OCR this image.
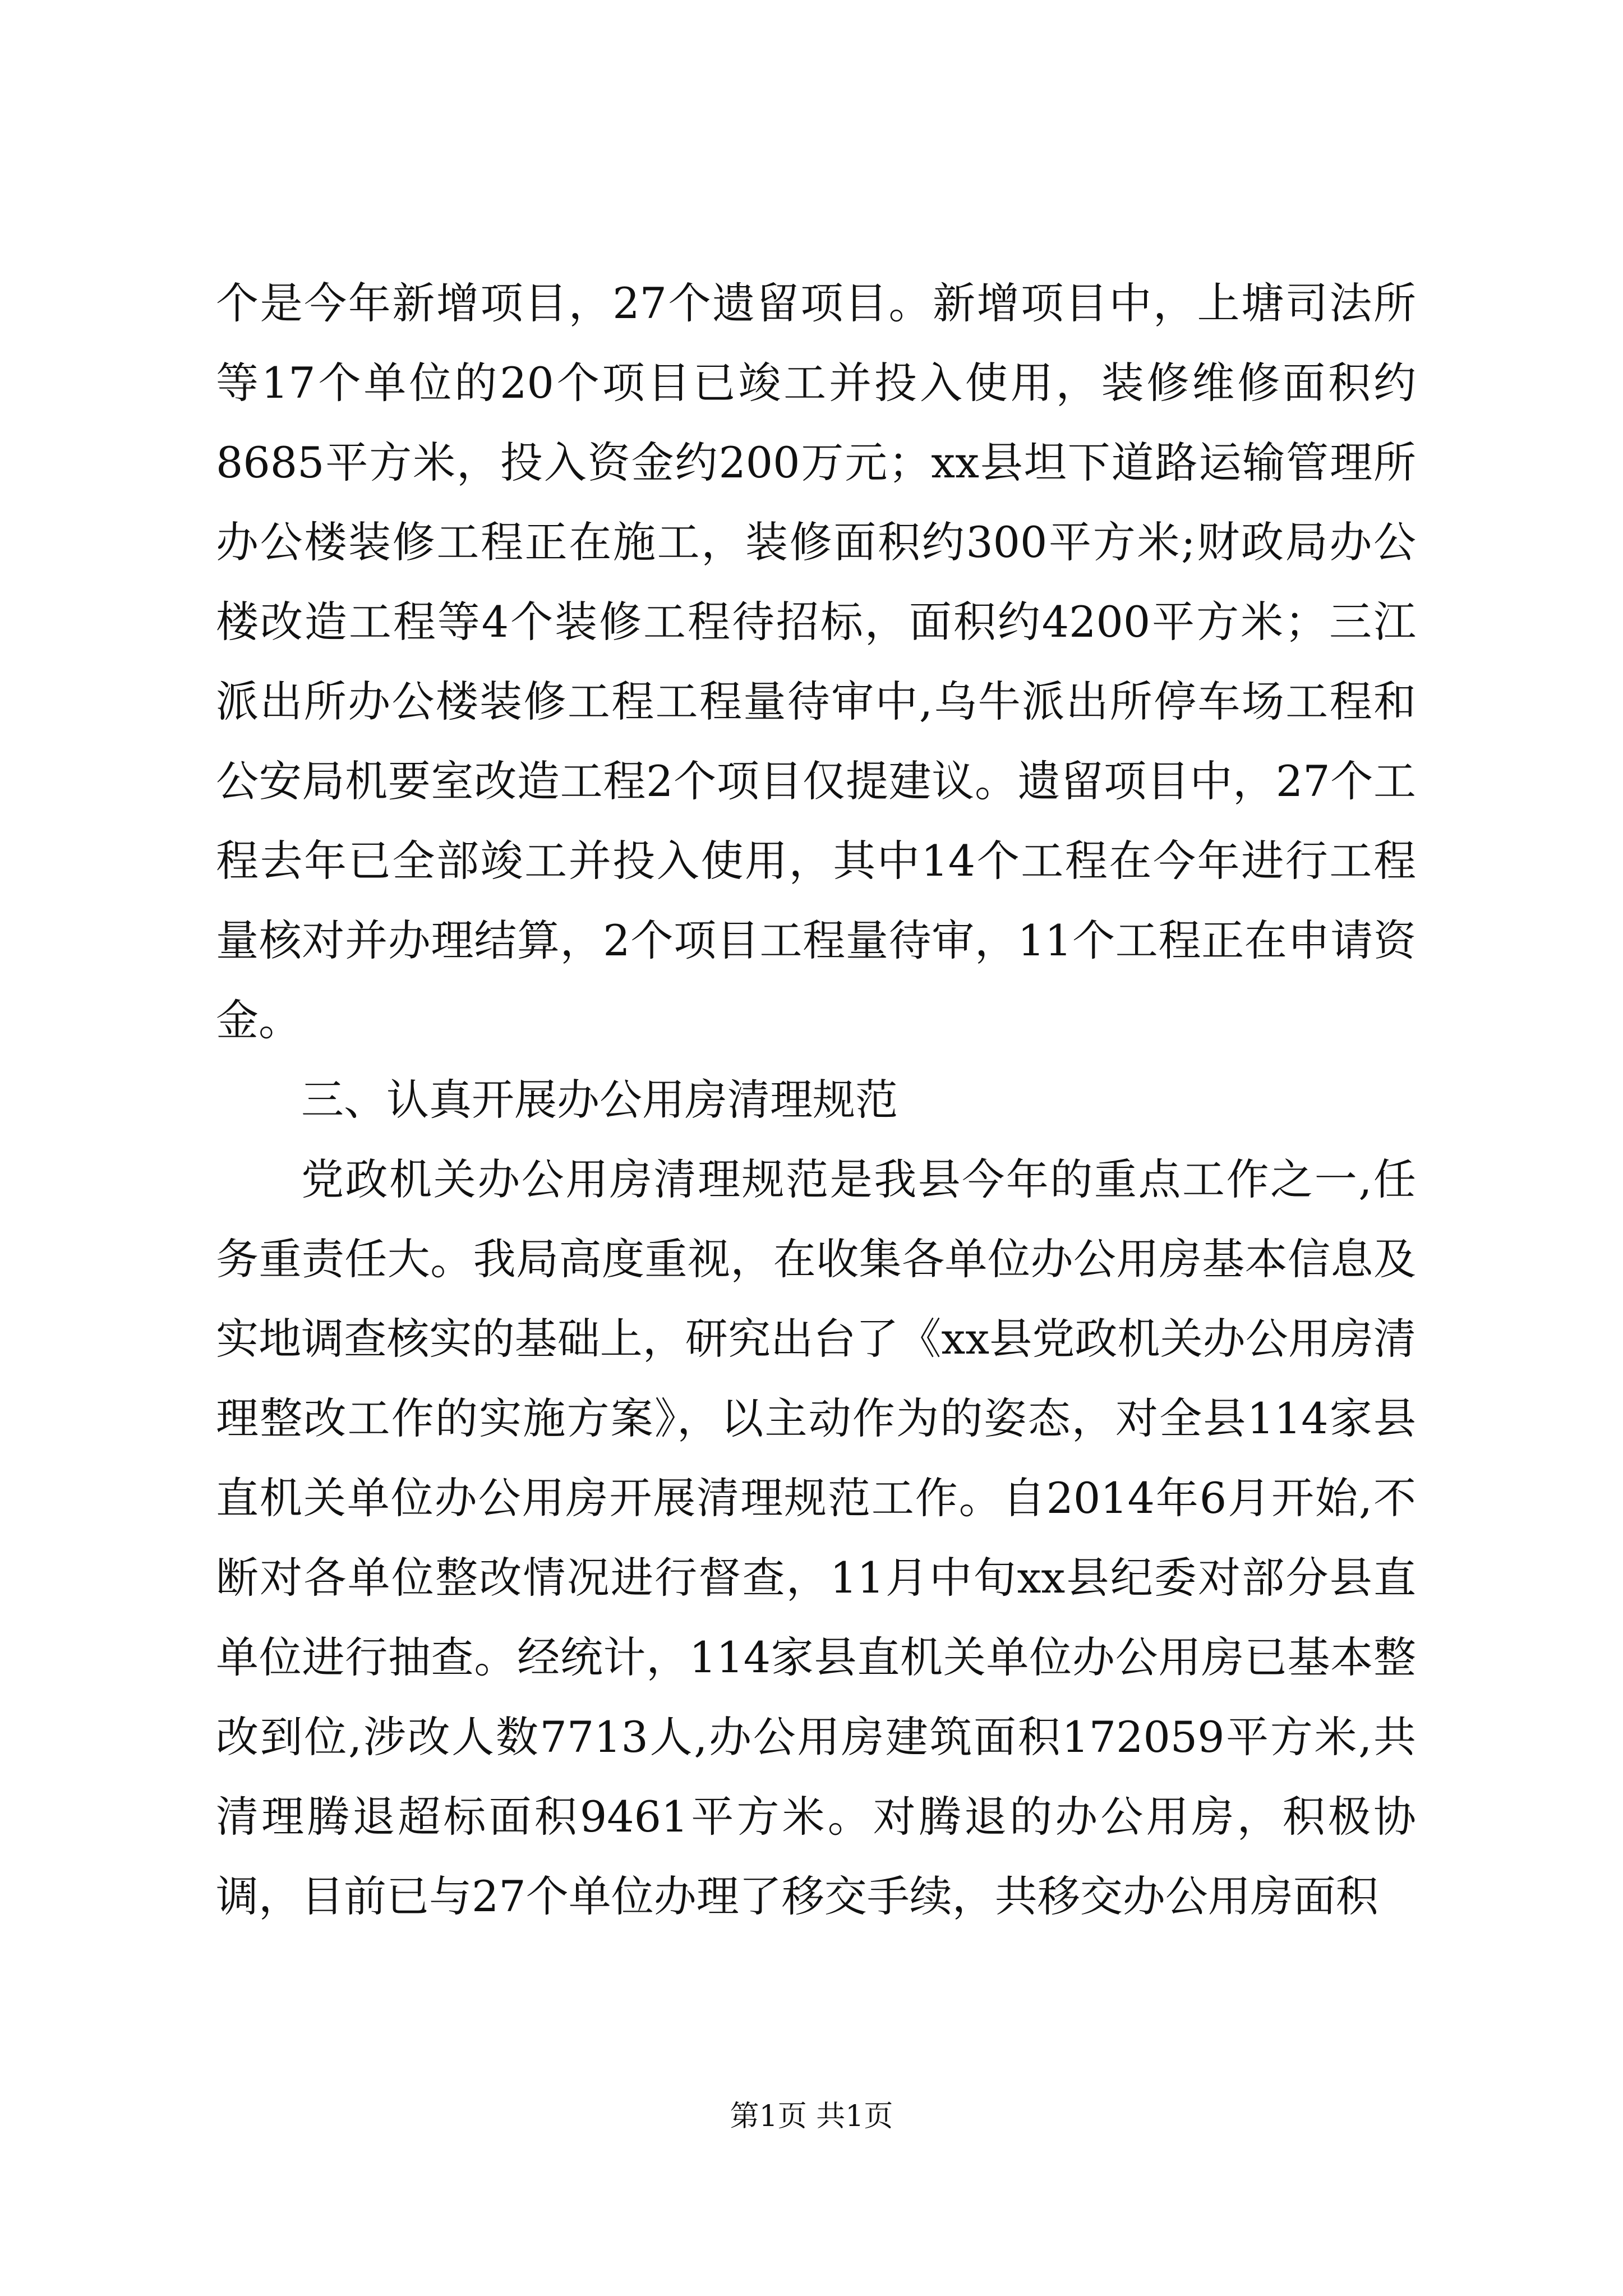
个是今年新增项目，27个遗留项目。新增项目中，上塘司法所等17个单位的20个项目已竣工并投入使用，装修维修面积约8685平方米，投入资金约200万元；xx县坦下道路运输管理所办公楼装修工程正在施工，装修面积约300平方米;财政局办公楼改造工程等4个装修工程待招标，面积约4200平方米；三江派出所办公楼装修工程工程量待审中,乌牛派出所停车场工程和公安局机要室改造工程2个项目仅提建议。遗留项目中，27个工程去年已全部竣工并投入使用，其中14个工程在今年进行工程量核对并办理结算，2个项目工程量待审，11个工程正在申请资金。

三、认真开展办公用房清理规范

党政机关办公用房清理规范是我县今年的重点工作之一,任务重责任大。我局高度重视，在收集各单位办公用房基本信息及实地调查核实的基础上，研究出台了《xx县党政机关办公用房清理整改工作的实施方案》，以主动作为的姿态，对全县114家县直机关单位办公用房开展清理规范工作。自2014年6月开始,不断对各单位整改情况进行督查，11月中旬xx县纪委对部分县直单位进行抽查。经统计，114家县直机关单位办公用房已基本整改到位,涉改人数7713人,办公用房建筑面积172059平方米,共清理腾退超标面积9461平方米。对腾退的办公用房，积极协调，目前已与27个单位办理了移交手续，共移交办公用房面积

第1页 共1页
